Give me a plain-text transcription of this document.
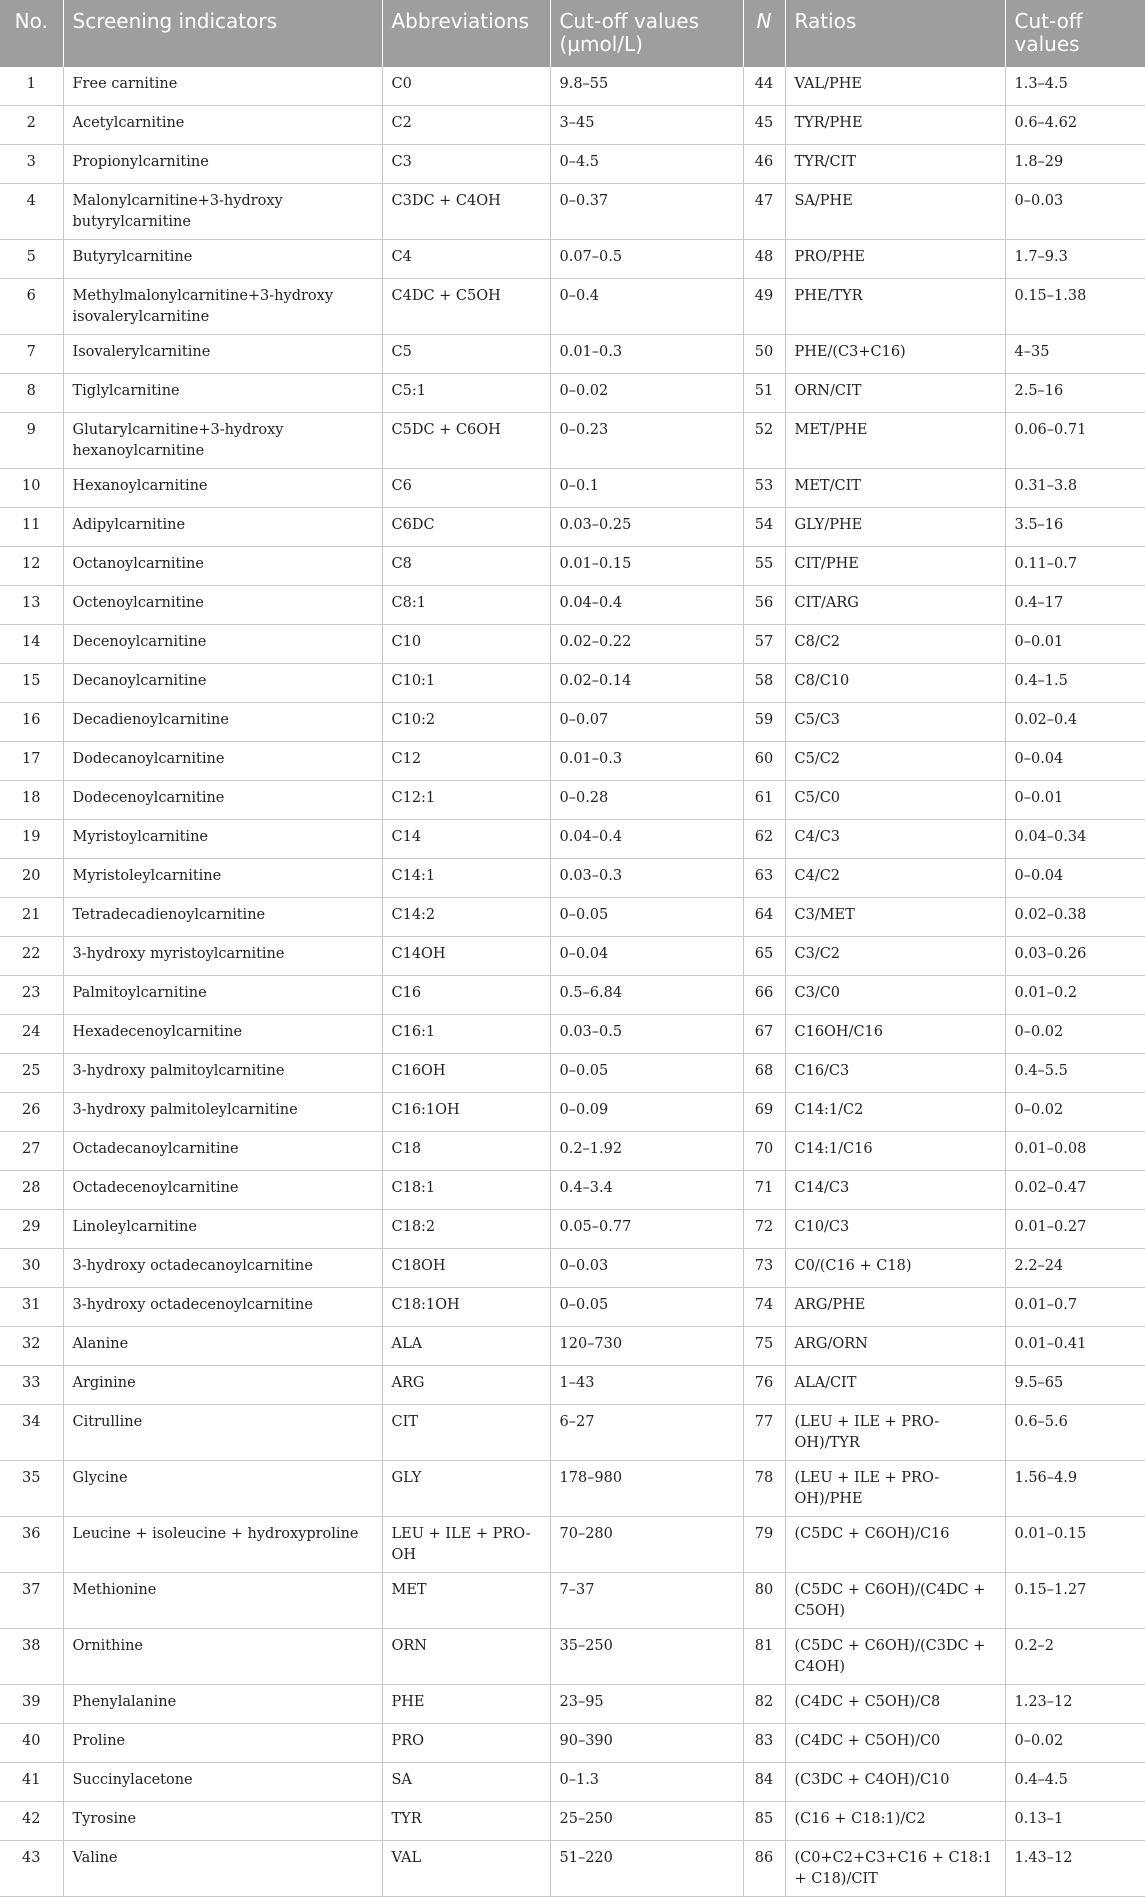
No.	Screening indicators	Abbreviations	Cut-off values (μmol/L)	N	Ratios	Cut-off values
1	Free carnitine	C0	9.8–55	44	VAL/PHE	1.3–4.5
2	Acetylcarnitine	C2	3–45	45	TYR/PHE	0.6–4.62
3	Propionylcarnitine	C3	0–4.5	46	TYR/CIT	1.8–29
4	Malonylcarnitine+3-hydroxy butyrylcarnitine	C3DC + C4OH	0–0.37	47	SA/PHE	0–0.03
5	Butyrylcarnitine	C4	0.07–0.5	48	PRO/PHE	1.7–9.3
6	Methylmalonylcarnitine+3-hydroxy isovalerylcarnitine	C4DC + C5OH	0–0.4	49	PHE/TYR	0.15–1.38
7	Isovalerylcarnitine	C5	0.01–0.3	50	PHE/(C3+C16)	4–35
8	Tiglylcarnitine	C5:1	0–0.02	51	ORN/CIT	2.5–16
9	Glutarylcarnitine+3-hydroxy hexanoylcarnitine	C5DC + C6OH	0–0.23	52	MET/PHE	0.06–0.71
10	Hexanoylcarnitine	C6	0–0.1	53	MET/CIT	0.31–3.8
11	Adipylcarnitine	C6DC	0.03–0.25	54	GLY/PHE	3.5–16
12	Octanoylcarnitine	C8	0.01–0.15	55	CIT/PHE	0.11–0.7
13	Octenoylcarnitine	C8:1	0.04–0.4	56	CIT/ARG	0.4–17
14	Decenoylcarnitine	C10	0.02–0.22	57	C8/C2	0–0.01
15	Decanoylcarnitine	C10:1	0.02–0.14	58	C8/C10	0.4–1.5
16	Decadienoylcarnitine	C10:2	0–0.07	59	C5/C3	0.02–0.4
17	Dodecanoylcarnitine	C12	0.01–0.3	60	C5/C2	0–0.04
18	Dodecenoylcarnitine	C12:1	0–0.28	61	C5/C0	0–0.01
19	Myristoylcarnitine	C14	0.04–0.4	62	C4/C3	0.04–0.34
20	Myristoleylcarnitine	C14:1	0.03–0.3	63	C4/C2	0–0.04
21	Tetradecadienoylcarnitine	C14:2	0–0.05	64	C3/MET	0.02–0.38
22	3-hydroxy myristoylcarnitine	C14OH	0–0.04	65	C3/C2	0.03–0.26
23	Palmitoylcarnitine	C16	0.5–6.84	66	C3/C0	0.01–0.2
24	Hexadecenoylcarnitine	C16:1	0.03–0.5	67	C16OH/C16	0–0.02
25	3-hydroxy palmitoylcarnitine	C16OH	0–0.05	68	C16/C3	0.4–5.5
26	3-hydroxy palmitoleylcarnitine	C16:1OH	0–0.09	69	C14:1/C2	0–0.02
27	Octadecanoylcarnitine	C18	0.2–1.92	70	C14:1/C16	0.01–0.08
28	Octadecenoylcarnitine	C18:1	0.4–3.4	71	C14/C3	0.02–0.47
29	Linoleylcarnitine	C18:2	0.05–0.77	72	C10/C3	0.01–0.27
30	3-hydroxy octadecanoylcarnitine	C18OH	0–0.03	73	C0/(C16 + C18)	2.2–24
31	3-hydroxy octadecenoylcarnitine	C18:1OH	0–0.05	74	ARG/PHE	0.01–0.7
32	Alanine	ALA	120–730	75	ARG/ORN	0.01–0.41
33	Arginine	ARG	1–43	76	ALA/CIT	9.5–65
34	Citrulline	CIT	6–27	77	(LEU + ILE + PRO-OH)/TYR	0.6–5.6
35	Glycine	GLY	178–980	78	(LEU + ILE + PRO-OH)/PHE	1.56–4.9
36	Leucine + isoleucine + hydroxyproline	LEU + ILE + PRO-OH	70–280	79	(C5DC + C6OH)/C16	0.01–0.15
37	Methionine	MET	7–37	80	(C5DC + C6OH)/(C4DC + C5OH)	0.15–1.27
38	Ornithine	ORN	35–250	81	(C5DC + C6OH)/(C3DC + C4OH)	0.2–2
39	Phenylalanine	PHE	23–95	82	(C4DC + C5OH)/C8	1.23–12
40	Proline	PRO	90–390	83	(C4DC + C5OH)/C0	0–0.02
41	Succinylacetone	SA	0–1.3	84	(C3DC + C4OH)/C10	0.4–4.5
42	Tyrosine	TYR	25–250	85	(C16 + C18:1)/C2	0.13–1
43	Valine	VAL	51–220	86	(C0+C2+C3+C16 + C18:1 + C18)/CIT	1.43–12
